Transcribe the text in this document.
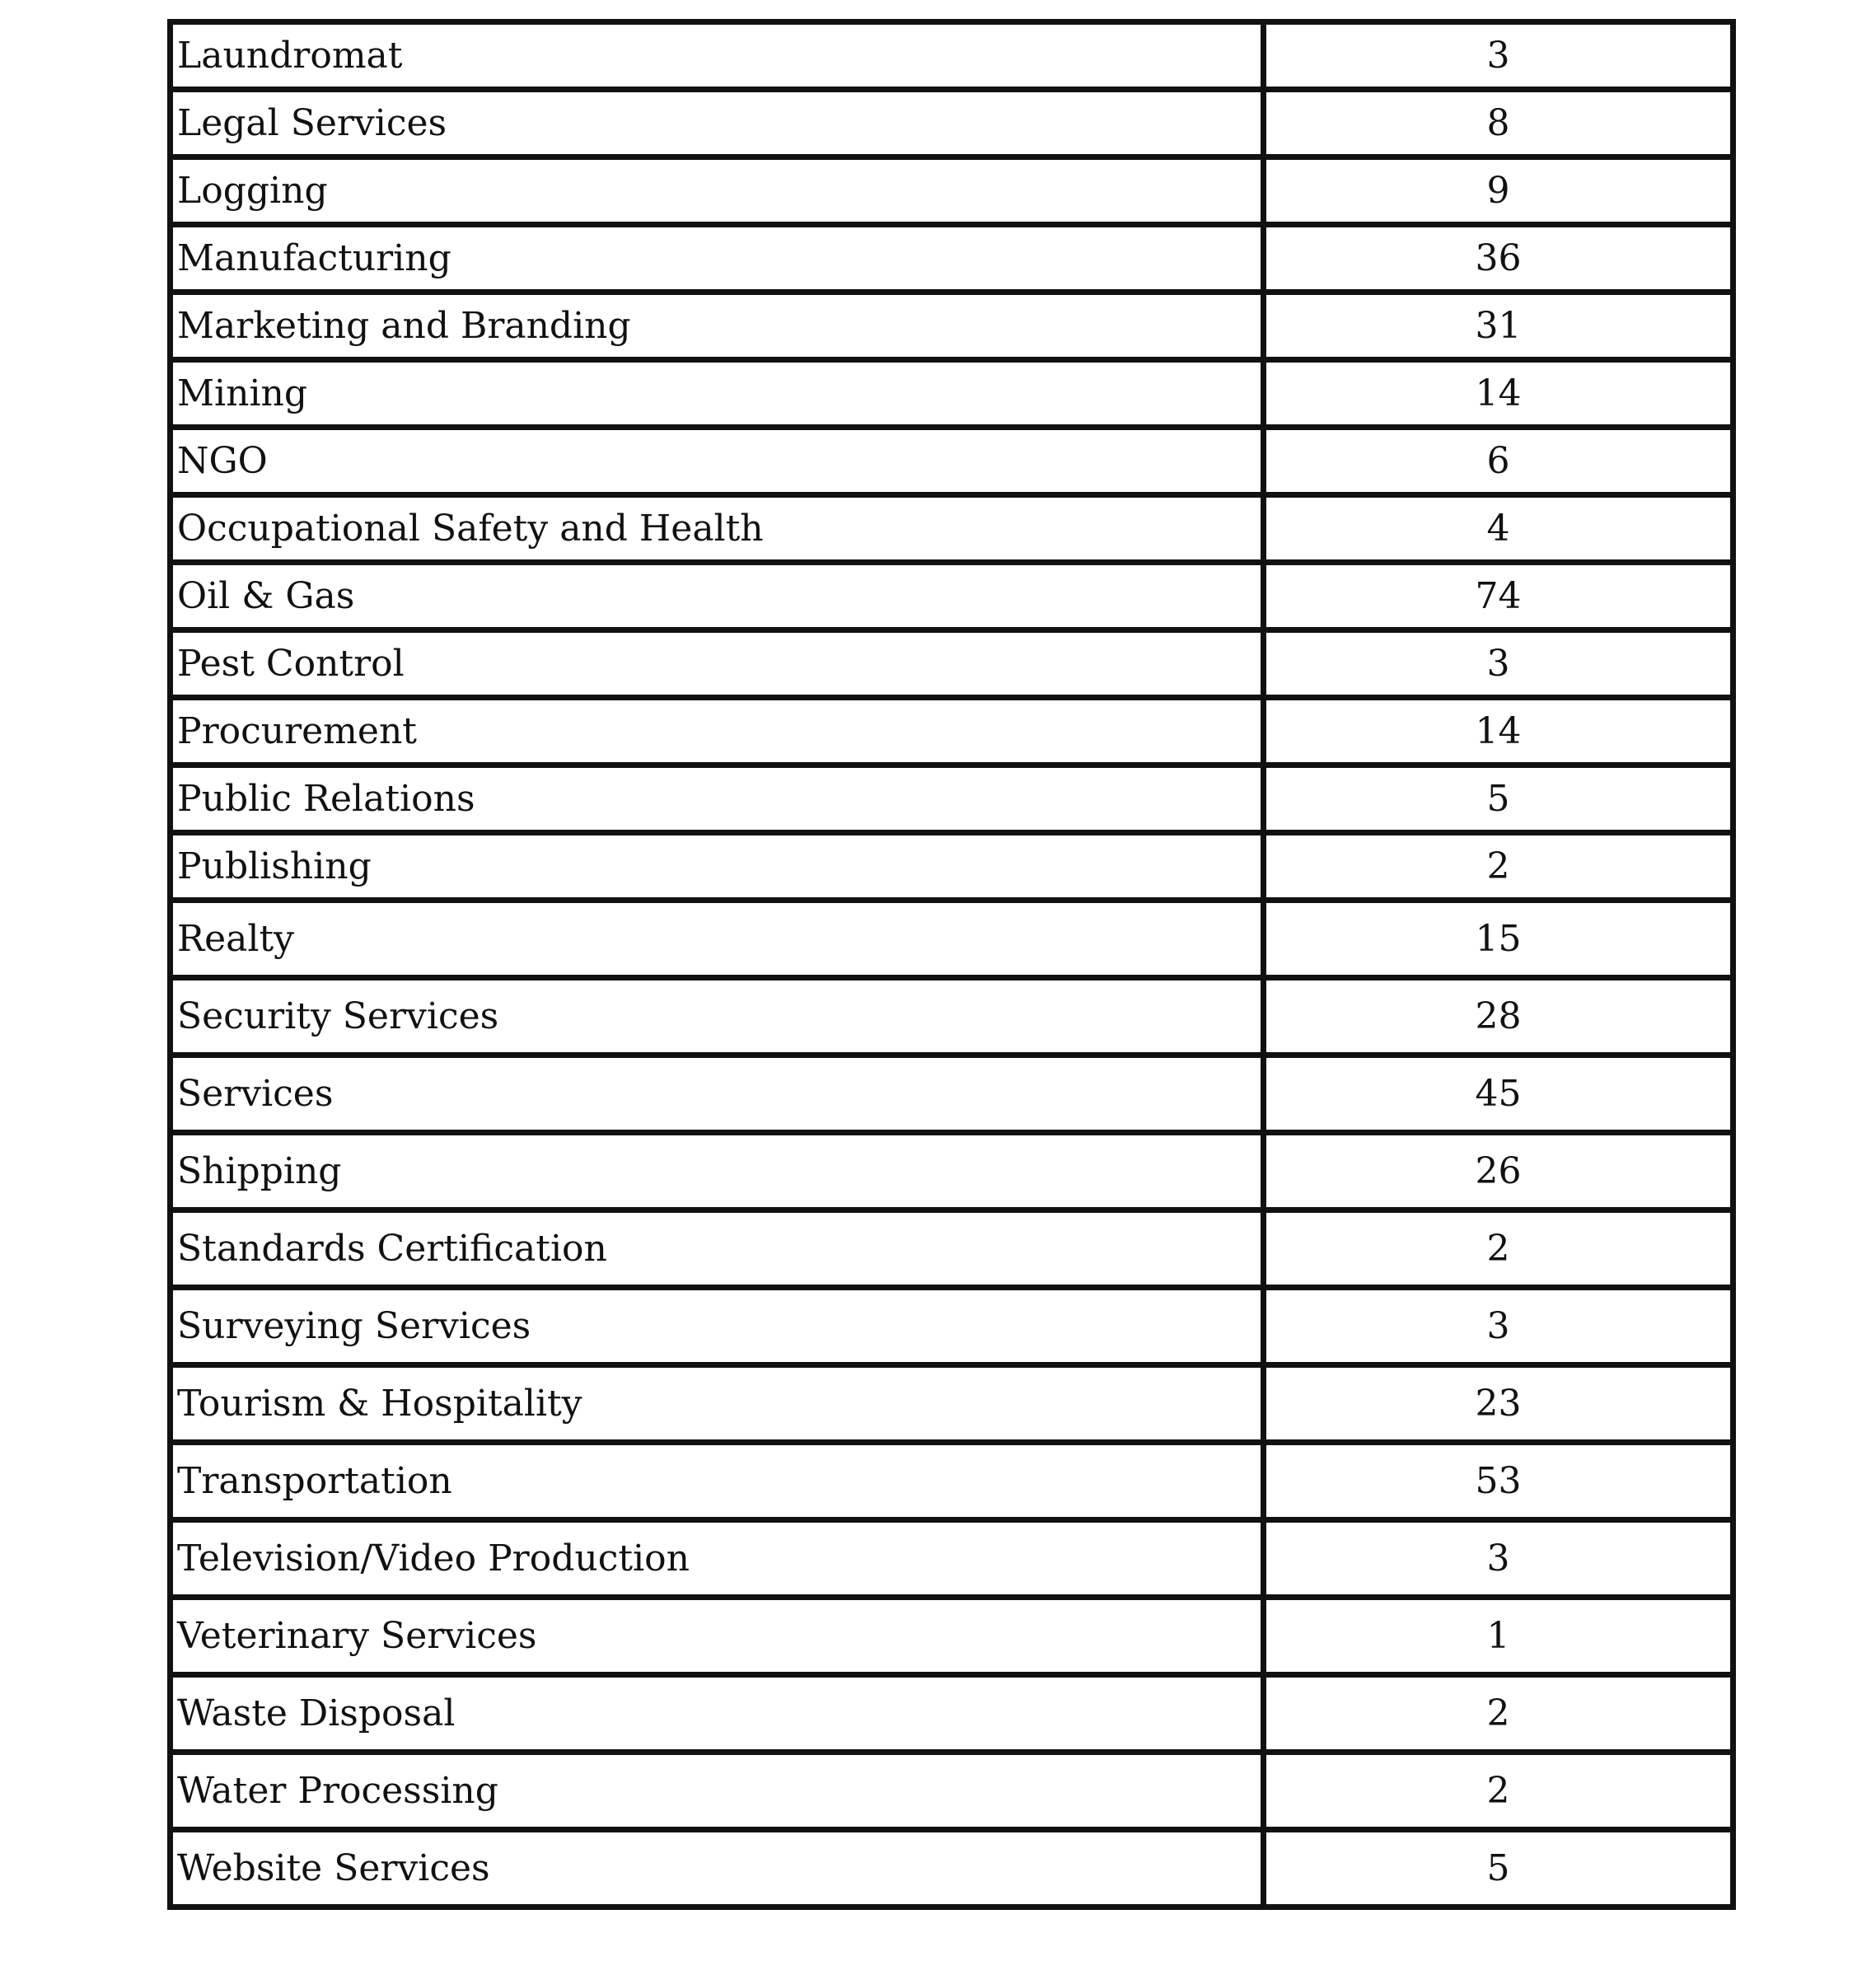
Laundromat	3
Legal Services	8
Logging	9
Manufacturing	36
Marketing and Branding	31
Mining	14
NGO	6
Occupational Safety and Health	4
Oil & Gas	74
Pest Control	3
Procurement	14
Public Relations	5
Publishing	2
Realty	15
Security Services	28
Services	45
Shipping	26
Standards Certification	2
Surveying Services	3
Tourism & Hospitality	23
Transportation	53
Television/Video Production	3
Veterinary Services	1
Waste Disposal	2
Water Processing	2
Website Services	5
